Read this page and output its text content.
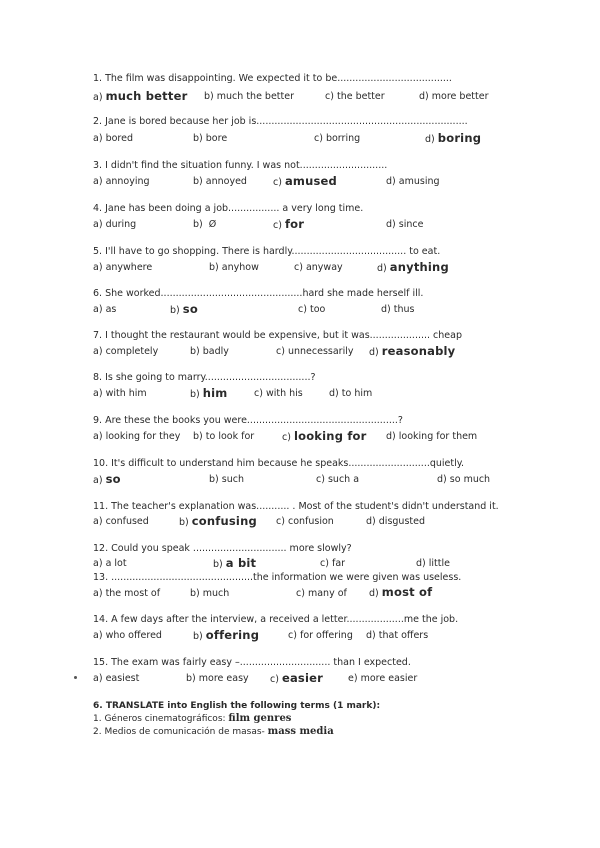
1. The film was disappointing. We expected it to be......................................
a) much better b) much the better	c) the better	d) more better
2. Jane is bored because her job is......................................................................
a) bored	b) bore	c) borring	d) boring
3. I didn't find the situation funny. I was not.............................
a) annoying	b) annoyed	c) amused	d) amusing
4. Jane has been doing a job................. a very long time.
a) during	b) Ø	c) for	d) since
5. I'll have to go shopping. There is hardly...................................... to eat.
a) anywhere	b) anyhow	c) anyway	d) anything
6. She worked...............................................hard she made herself ill.
a) as	b) so	c) too	d) thus
7. I thought the restaurant would be expensive, but it was.................... cheap
a) completely	b) badly	c) unnecessarily d) reasonably
8. Is she going to marry...................................?
a) with him	b) him	c) with his	d) to him
9. Are these the books you were..................................................?
a) looking for they b) to look for	c) looking for d) looking for them
10. It's difficult to understand him because he speaks...........................quietly.
a) so	b) such	c) such a	d) so much
11. The teacher's explanation was........... . Most of the student's didn't understand it.
a) confused	b) confusing c) confusion	d) disgusted
12. Could you speak ............................... more slowly?
a) a lot	b) a bit	c) far	d) little
13. ...............................................the information we were given was useless.
a) the most of	b) much	c) many of d) most of
14. A few days after the interview, a received a letter...................me the job.
a) who offered	b) offering	c) for offering d) that offers
15. The exam was fairly easy –.............................. than I expected.
a) easiest	b) more easy c) easier	e) more easier
6. TRANSLATE into English the following terms (1 mark):
1. Géneros cinematográficos: film genres
2. Medios de comunicación de masas- mass media
